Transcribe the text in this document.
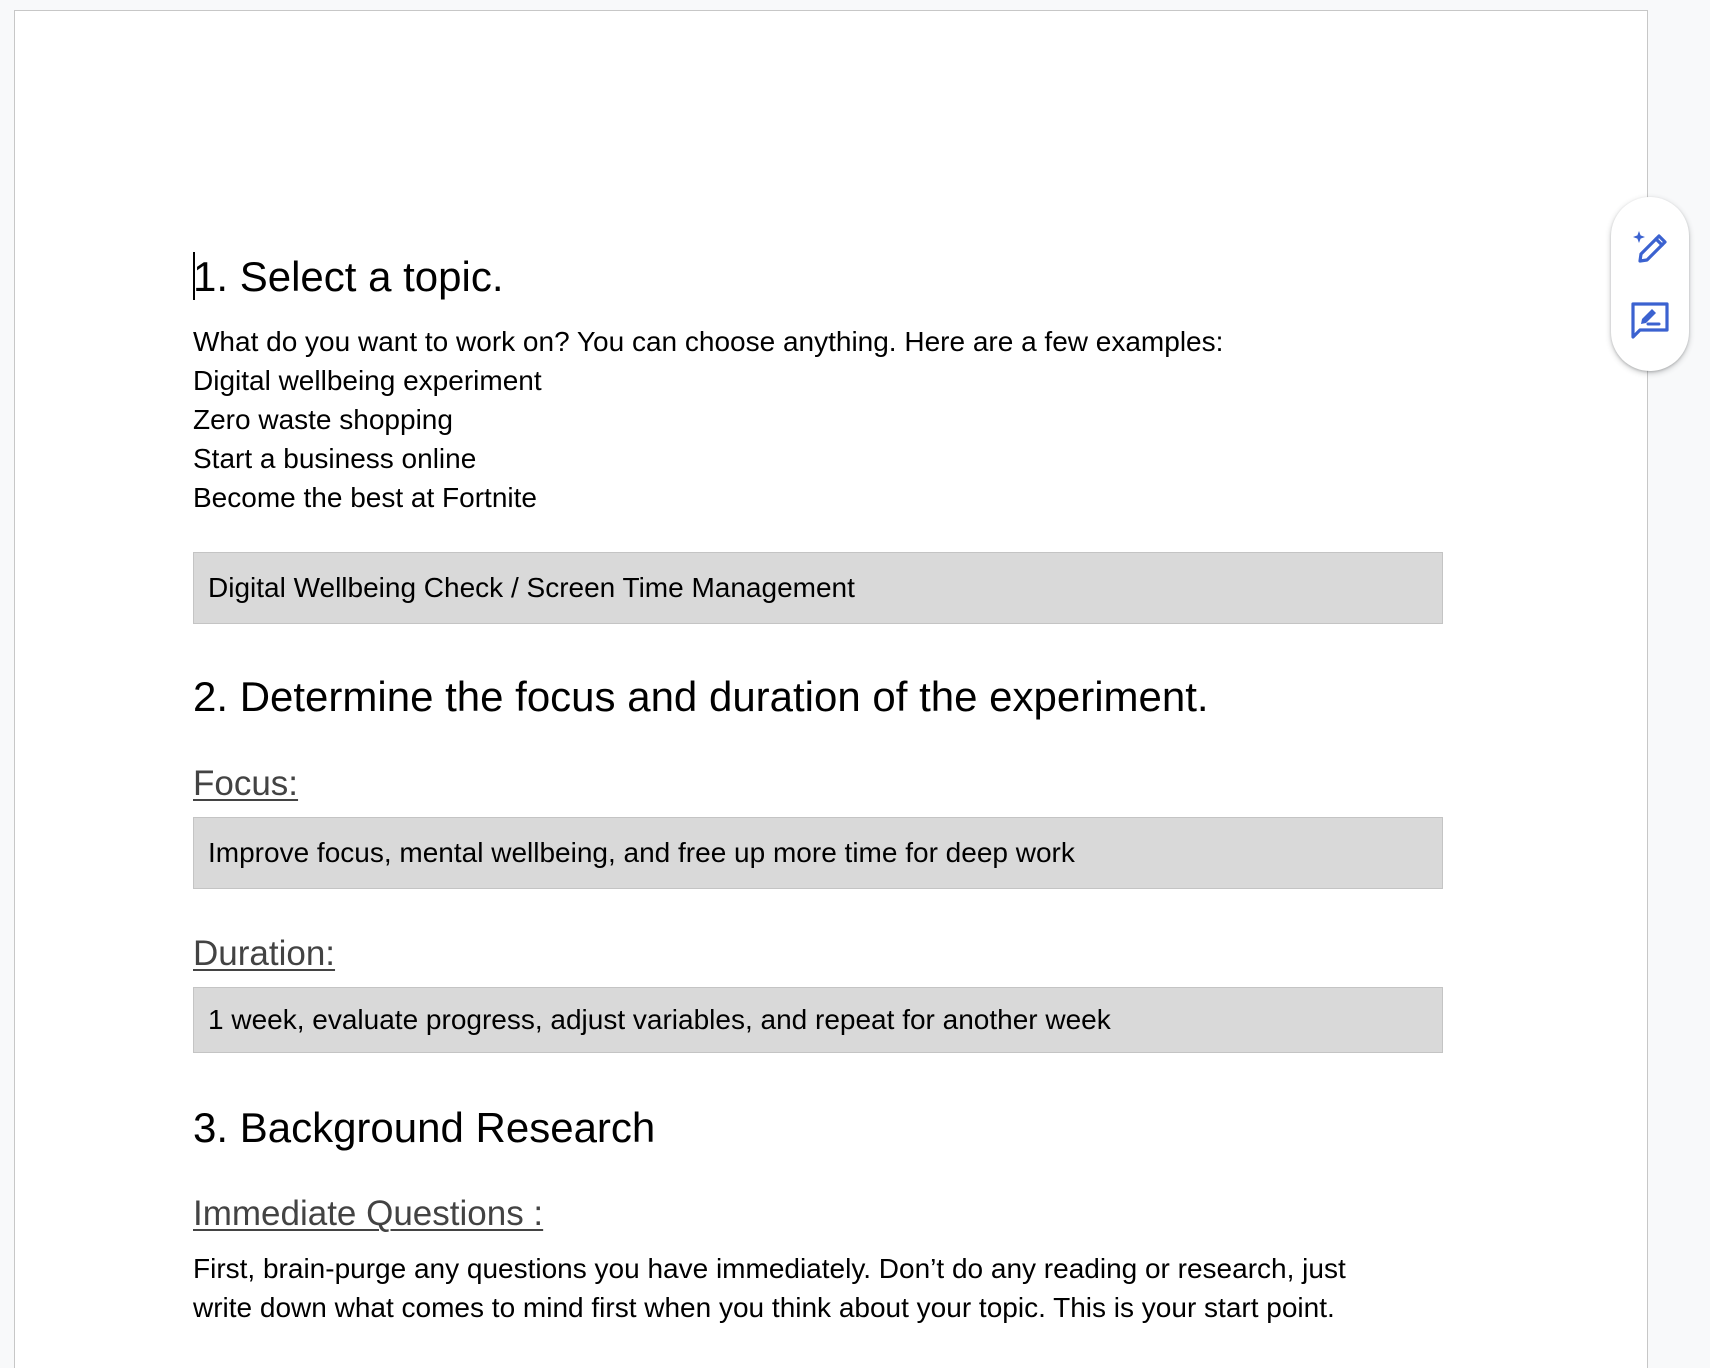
1. Select a topic.

What do you want to work on? You can choose anything. Here are a few examples:

Digital wellbeing experiment
Zero waste shopping
Start a business online
Become the best at Fortnite
Digital Wellbeing Check / Screen Time Management
2. Determine the focus and duration of the experiment.
Focus:
Improve focus, mental wellbeing, and free up more time for deep work
Duration:
1 week, evaluate progress, adjust variables, and repeat for another week
3. Background Research
Immediate Questions :
First, brain-purge any questions you have immediately. Don’t do any reading or research, just
write down what comes to mind first when you think about your topic. This is your start point.
